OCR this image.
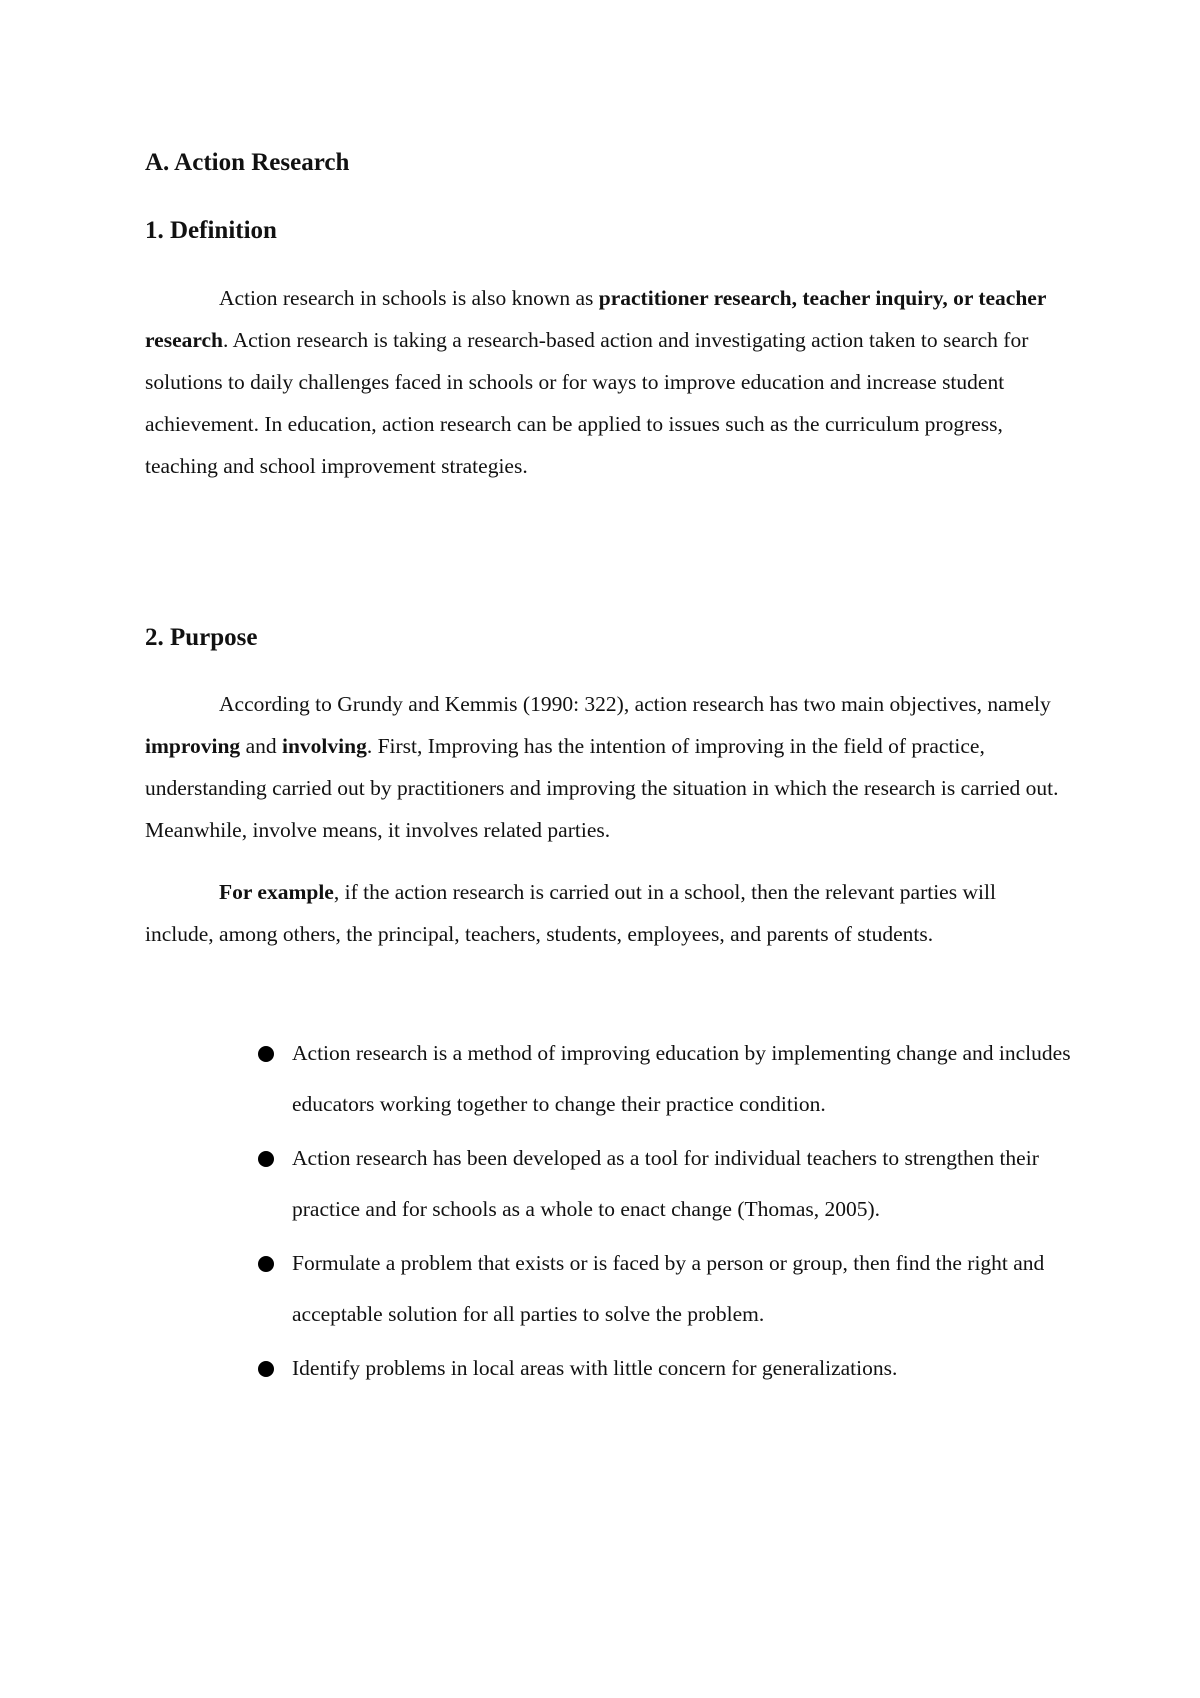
A. Action Research
1. Definition

Action research in schools is also known as practitioner research, teacher inquiry, or teacher research. Action research is taking a research-based action and investigating action taken to search for solutions to daily challenges faced in schools or for ways to improve education and increase student achievement. In education, action research can be applied to issues such as the curriculum progress, teaching and school improvement strategies.

2. Purpose

According to Grundy and Kemmis (1990: 322), action research has two main objectives, namely improving and involving. First, Improving has the intention of improving in the field of practice, understanding carried out by practitioners and improving the situation in which the research is carried out. Meanwhile, involve means, it involves related parties.

For example, if the action research is carried out in a school, then the relevant parties will include, among others, the principal, teachers, students, employees, and parents of students.

Action research is a method of improving education by implementing change and includes educators working together to change their practice condition.
Action research has been developed as a tool for individual teachers to strengthen their practice and for schools as a whole to enact change (Thomas, 2005).
Formulate a problem that exists or is faced by a person or group, then find the right and acceptable solution for all parties to solve the problem.
Identify problems in local areas with little concern for generalizations.
